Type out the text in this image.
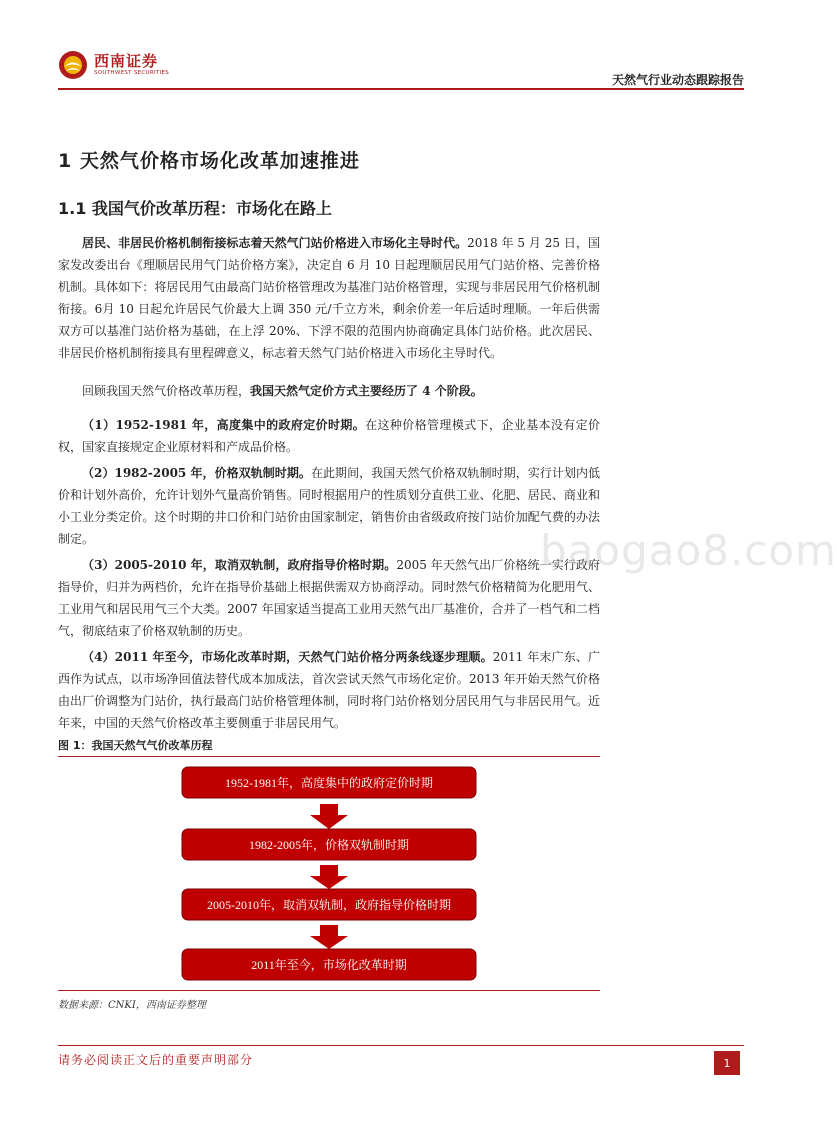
西南证券
SOUTHWEST SECURITIES
天然气行业动态跟踪报告
1 天然气价格市场化改革加速推进
1.1 我国气价改革历程：市场化在路上

居民、非居民价格机制衔接标志着天然气门站价格进入市场化主导时代。2018 年 5 月 25 日，国家发改委出台《理顺居民用气门站价格方案》，决定自 6 月 10 日起理顺居民用气门站价格、完善价格机制。具体如下：将居民用气由最高门站价格管理改为基准门站价格管理，实现与非居民用气价格机制衔接。6月 10 日起允许居民气价最大上调 350 元/千立方米，剩余价差一年后适时理顺。一年后供需双方可以基准门站价格为基础，在上浮 20%、下浮不限的范围内协商确定具体门站价格。此次居民、非居民价格机制衔接具有里程碑意义，标志着天然气门站价格进入市场化主导时代。

回顾我国天然气价格改革历程，我国天然气定价方式主要经历了 4 个阶段。

（1）1952-1981 年，高度集中的政府定价时期。在这种价格管理模式下，企业基本没有定价权，国家直接规定企业原材料和产成品价格。

（2）1982-2005 年，价格双轨制时期。在此期间，我国天然气价格双轨制时期，实行计划内低价和计划外高价，允许计划外气量高价销售。同时根据用户的性质划分直供工业、化肥、居民、商业和小工业分类定价。这个时期的井口价和门站价由国家制定，销售价由省级政府按门站价加配气费的办法制定。

（3）2005-2010 年，取消双轨制，政府指导价格时期。2005 年天然气出厂价格统一实行政府指导价，归并为两档价，允许在指导价基础上根据供需双方协商浮动。同时然气价格精简为化肥用气、工业用气和居民用气三个大类。2007 年国家适当提高工业用天然气出厂基准价，合并了一档气和二档气，彻底结束了价格双轨制的历史。

（4）2011 年至今，市场化改革时期，天然气门站价格分两条线逐步理顺。2011 年末广东、广西作为试点，以市场净回值法替代成本加成法，首次尝试天然气市场化定价。2013 年开始天然气价格由出厂价调整为门站价，执行最高门站价格管理体制，同时将门站价格划分居民用气与非居民用气。近年来，中国的天然气价格改革主要侧重于非居民用气。

baogao8.com
图 1：我国天然气气价改革历程
1952-1981年，高度集中的政府定价时期
1982-2005年，价格双轨制时期
2005-2010年，取消双轨制，政府指导价格时期
2011年至今，市场化改革时期
数据来源：CNKI，西南证券整理
请务必阅读正文后的重要声明部分	1
